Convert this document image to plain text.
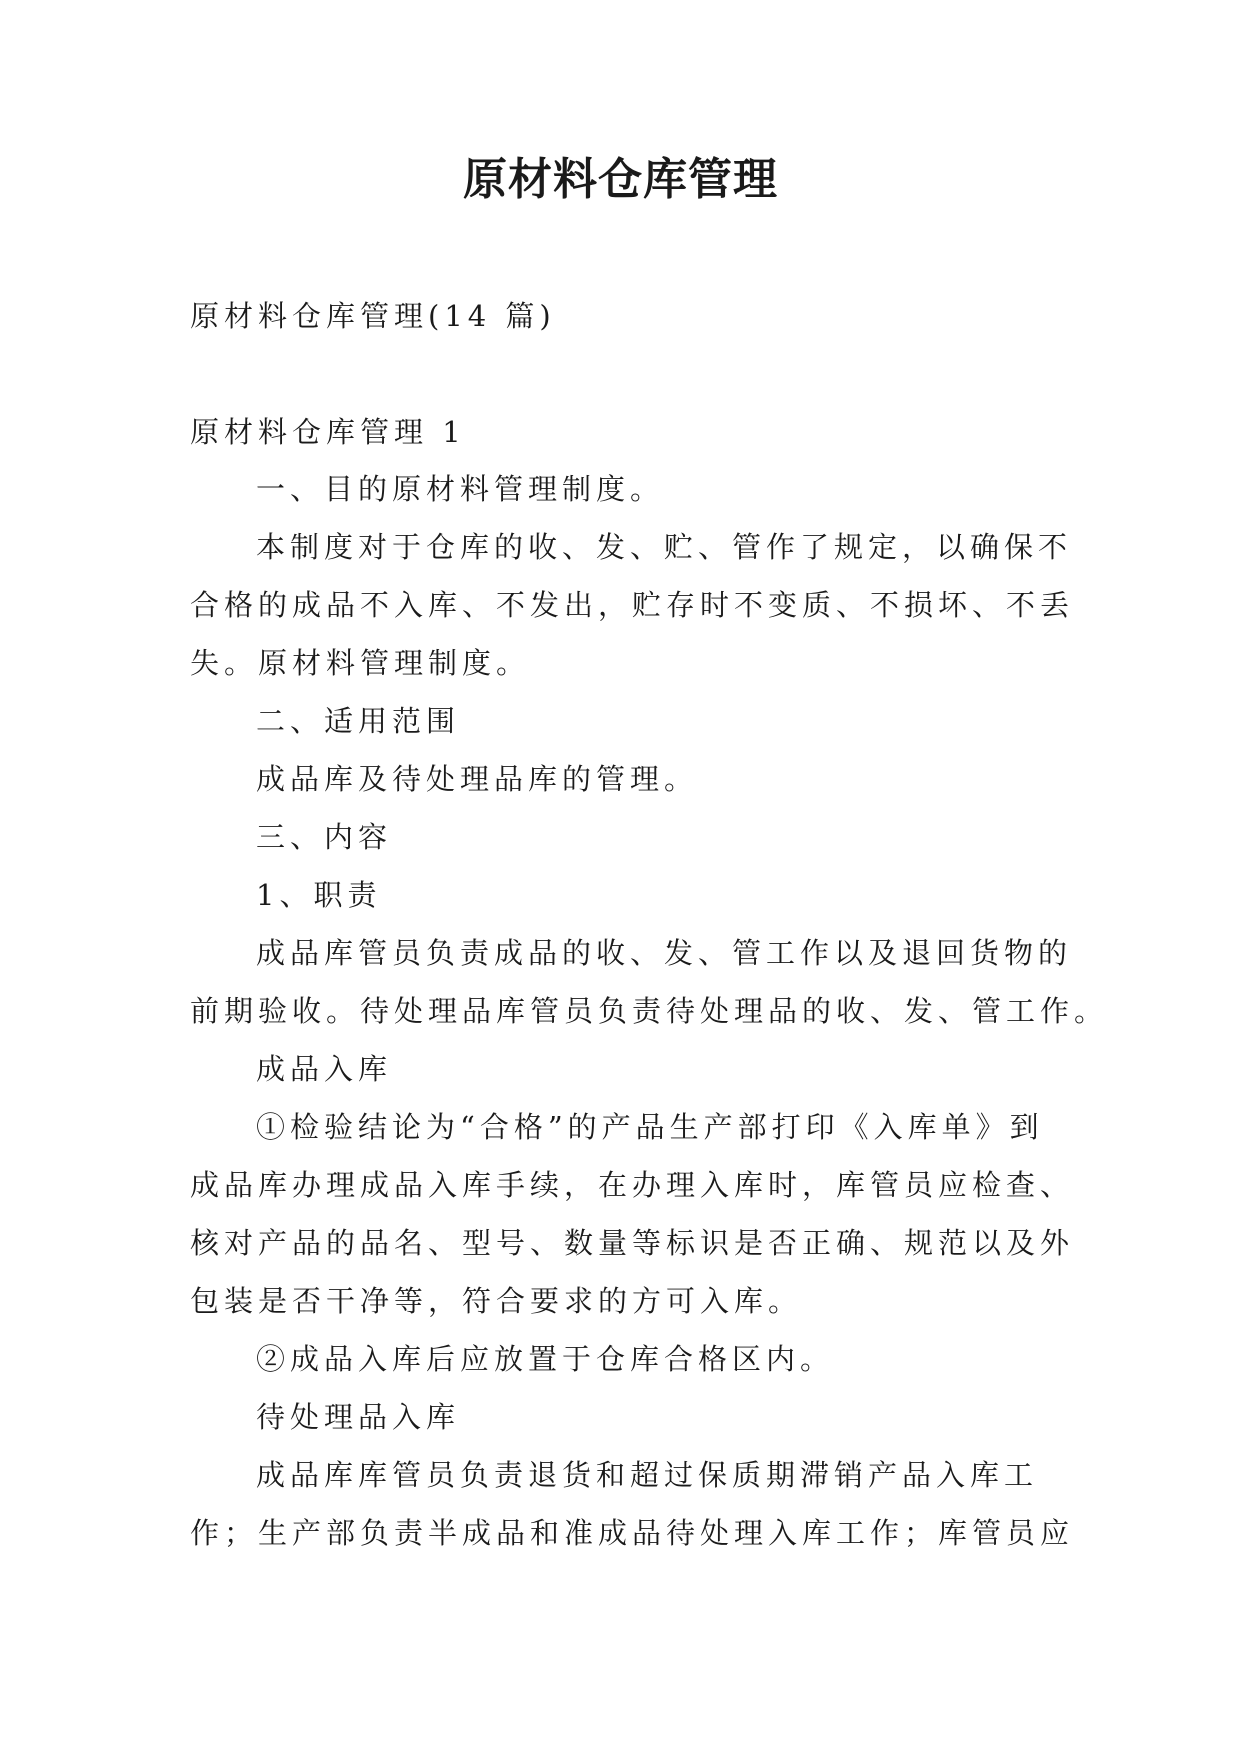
原材料仓库管理

原材料仓库管理(14 篇)

原材料仓库管理 1

一、目的原材料管理制度。

本制度对于仓库的收、发、贮、管作了规定，以确保不

合格的成品不入库、不发出，贮存时不变质、不损坏、不丢

失。原材料管理制度。

二、适用范围

成品库及待处理品库的管理。

三、内容

1、职责

成品库管员负责成品的收、发、管工作以及退回货物的

前期验收。待处理品库管员负责待处理品的收、发、管工作。

成品入库

①检验结论为“合格”的产品生产部打印《入库单》到

成品库办理成品入库手续，在办理入库时，库管员应检查、

核对产品的品名、型号、数量等标识是否正确、规范以及外

包装是否干净等，符合要求的方可入库。

②成品入库后应放置于仓库合格区内。

待处理品入库

成品库库管员负责退货和超过保质期滞销产品入库工

作；生产部负责半成品和准成品待处理入库工作；库管员应
